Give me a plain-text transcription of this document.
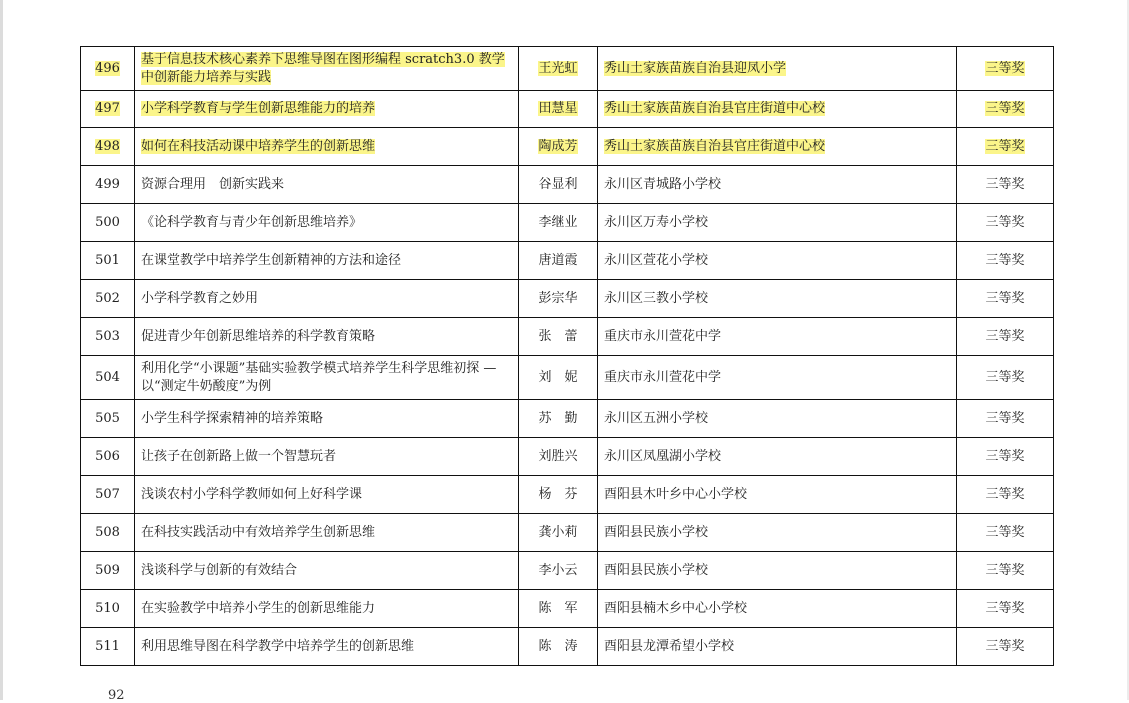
496	基于信息技术核心素养下思维导图在图形编程 scratch3.0 教学中创新能力培养与实践	王光虹	秀山土家族苗族自治县迎凤小学	三等奖
497	小学科学教育与学生创新思维能力的培养	田慧星	秀山土家族苗族自治县官庄街道中心校	三等奖
498	如何在科技活动课中培养学生的创新思维	陶成芳	秀山土家族苗族自治县官庄街道中心校	三等奖
499	资源合理用　创新实践来	谷显利	永川区青城路小学校	三等奖
500	《论科学教育与青少年创新思维培养》	李继业	永川区万寿小学校	三等奖
501	在课堂教学中培养学生创新精神的方法和途径	唐道霞	永川区萱花小学校	三等奖
502	小学科学教育之妙用	彭宗华	永川区三教小学校	三等奖
503	促进青少年创新思维培养的科学教育策略	张　蕾	重庆市永川萱花中学	三等奖
504	利用化学“小课题”基础实验教学模式培养学生科学思维初探 —以“测定牛奶酸度”为例	刘　妮	重庆市永川萱花中学	三等奖
505	小学生科学探索精神的培养策略	苏　勤	永川区五洲小学校	三等奖
506	让孩子在创新路上做一个智慧玩者	刘胜兴	永川区凤凰湖小学校	三等奖
507	浅谈农村小学科学教师如何上好科学课	杨　芬	酉阳县木叶乡中心小学校	三等奖
508	在科技实践活动中有效培养学生创新思维	龚小莉	酉阳县民族小学校	三等奖
509	浅谈科学与创新的有效结合	李小云	酉阳县民族小学校	三等奖
510	在实验教学中培养小学生的创新思维能力	陈　军	酉阳县楠木乡中心小学校	三等奖
511	利用思维导图在科学教学中培养学生的创新思维	陈　涛	酉阳县龙潭希望小学校	三等奖
92
